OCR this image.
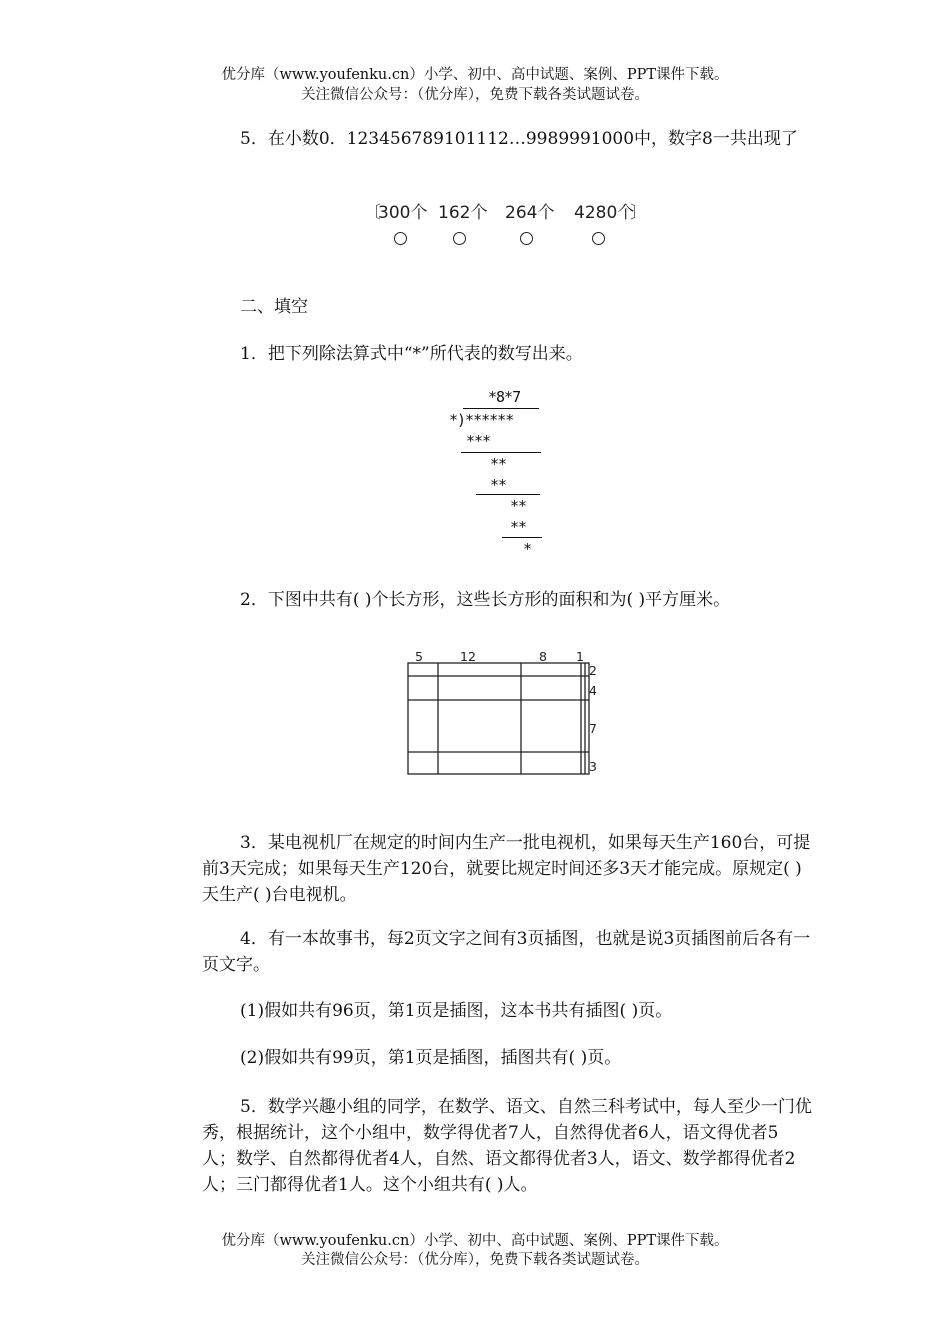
优分库（www.youfenku.cn）小学、初中、高中试题、案例、PPT课件下载。
关注微信公众号：（优分库），免费下载各类试题试卷。
5．在小数0．123456789101112…9989991000中，数字8一共出现了
〔
300个 162个 264个 4280个
〕
二、填空
1．把下列除法算式中“*”所代表的数写出来。
*8*7
*)******
***
**
**
**
**
*
2．下图中共有( )个长方形，这些长方形的面积和为( )平方厘米。
5	12	8 1
2
4
7
3
3．某电视机厂在规定的时间内生产一批电视机，如果每天生产160台，可提前3天完成；如果每天生产120台，就要比规定时间还多3天才能完成。原规定( )天生产( )台电视机。
4．有一本故事书，每2页文字之间有3页插图，也就是说3页插图前后各有一页文字。
(1)假如共有96页，第1页是插图，这本书共有插图( )页。
(2)假如共有99页，第1页是插图，插图共有( )页。
5．数学兴趣小组的同学，在数学、语文、自然三科考试中，每人至少一门优秀，根据统计，这个小组中，数学得优者7人，自然得优者6人，语文得优者5人；数学、自然都得优者4人，自然、语文都得优者3人，语文、数学都得优者2人；三门都得优者1人。这个小组共有( )人。
优分库（www.youfenku.cn）小学、初中、高中试题、案例、PPT课件下载。
关注微信公众号：（优分库），免费下载各类试题试卷。
